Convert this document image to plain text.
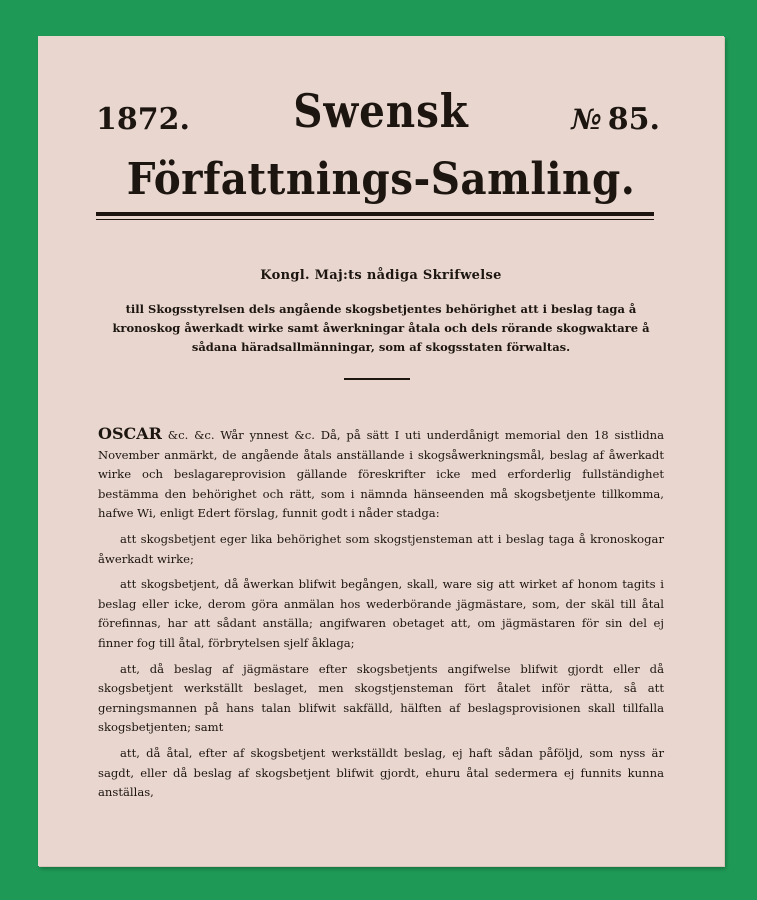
1872.	Swensk	№ 85.
Författnings-Samling.
Kongl. Maj:ts nådiga Skrifwelse
till Skogsstyrelsen dels angående skogsbetjentes behörighet att i beslag taga å kronoskog åwerkadt wirke samt åwerkningar åtala och dels rörande skogwaktare å sådana häradsallmänningar, som af skogsstaten förwaltas.

OSCAR &c. &c. Wår ynnest &c. Då, på sätt I uti underdånigt memorial den 18 sistlidna November anmärkt, de angående åtals anställande i skogsåwerkningsmål, beslag af åwerkadt wirke och beslagareprovision gällande föreskrifter icke med erforderlig fullständighet bestämma den behörighet och rätt, som i nämnda hänseenden må skogsbetjente tillkomma, hafwe Wi, enligt Edert förslag, funnit godt i nåder stadga:

att skogsbetjent eger lika behörighet som skogstjensteman att i beslag taga å kronoskogar åwerkadt wirke;

att skogsbetjent, då åwerkan blifwit begången, skall, ware sig att wirket af honom tagits i beslag eller icke, derom göra anmälan hos wederbörande jägmästare, som, der skäl till åtal förefinnas, har att sådant anställa; angifwaren obetaget att, om jägmästaren för sin del ej finner fog till åtal, förbrytelsen sjelf åklaga;

att, då beslag af jägmästare efter skogsbetjents angifwelse blifwit gjordt eller då skogsbetjent werkställt beslaget, men skogstjensteman fört åtalet inför rätta, så att gerningsmannen på hans talan blifwit sakfälld, hälften af beslagsprovisionen skall tillfalla skogsbetjenten; samt

att, då åtal, efter af skogsbetjent werkställdt beslag, ej haft sådan påföljd, som nyss är sagdt, eller då beslag af skogsbetjent blifwit gjordt, ehuru åtal sedermera ej funnits kunna anställas,
